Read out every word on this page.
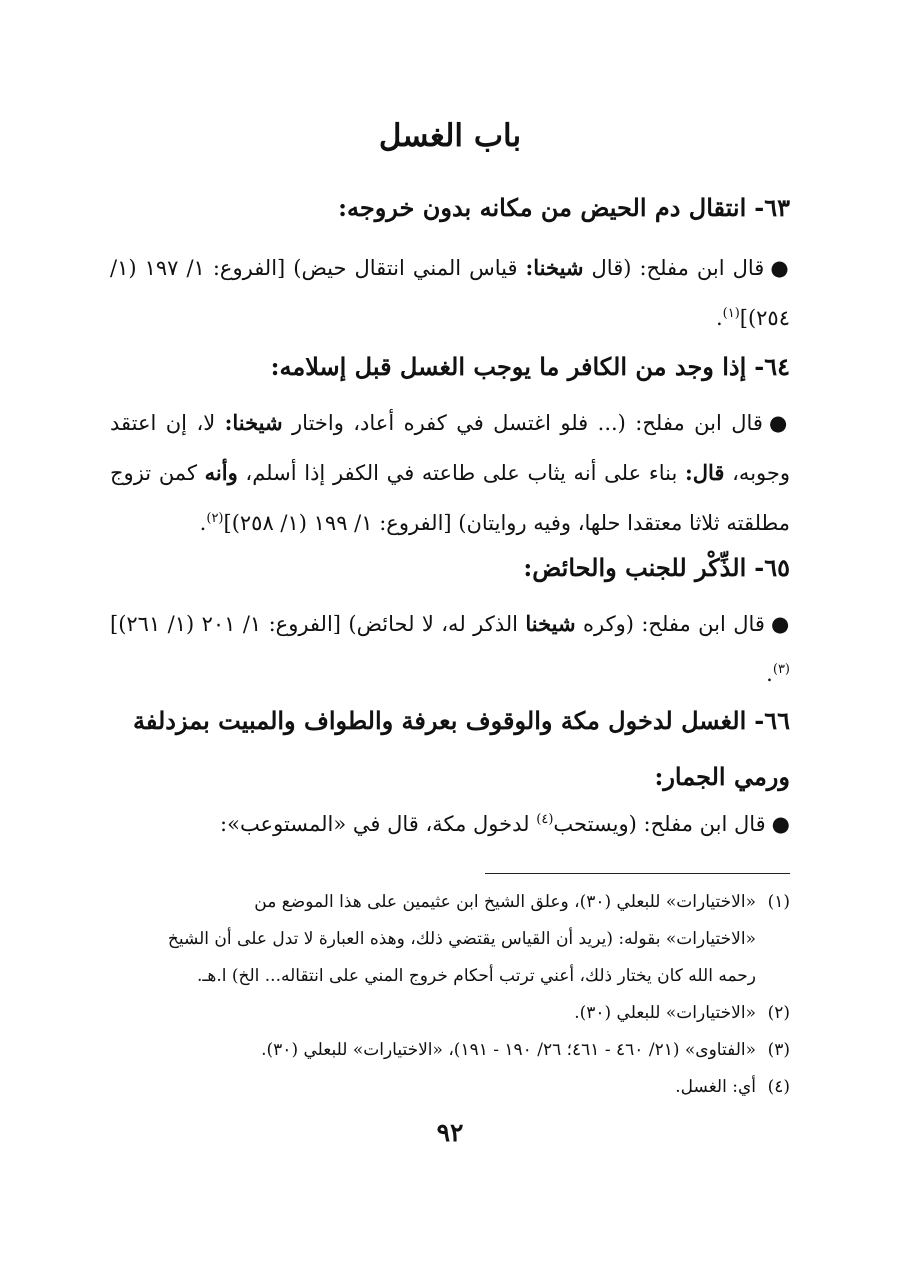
باب الغسل
٦٣-انتقال دم الحيض من مكانه بدون خروجه:

●قال ابن مفلح: (قال شيخنا: قياس المني انتقال حيض) [الفروع: ١/ ١٩٧ (١/ ٢٥٤)]$^{(١)}$.

٦٤-إذا وجد من الكافر ما يوجب الغسل قبل إسلامه:

●قال ابن مفلح: (... فلو اغتسل في كفره أعاد، واختار شيخنا: لا، إن اعتقد وجوبه، قال: بناء على أنه يثاب على طاعته في الكفر إذا أسلم، وأنه كمن تزوج مطلقته ثلاثا معتقدا حلها، وفيه روايتان) [الفروع: ١/ ١٩٩ (١/ ٢٥٨)]$^{(٢)}$.

٦٥-الذِّكْر للجنب والحائض:

●قال ابن مفلح: (وكره شيخنا الذكر له، لا لحائض) [الفروع: ١/ ٢٠١ (١/ ٢٦١)]$^{(٣)}$.

٦٦-الغسل لدخول مكة والوقوف بعرفة والطواف والمبيت بمزدلفة ورمي الجمار:

●قال ابن مفلح: (ويستحب$^{(٤)}$ لدخول مكة، قال في «المستوعب»:

(١)«الاختيارات» للبعلي (٣٠)، وعلق الشيخ ابن عثيمين على هذا الموضع من

«الاختيارات» بقوله: (يريد أن القياس يقتضي ذلك، وهذه العبارة لا تدل على أن الشيخ

رحمه الله كان يختار ذلك، أعني ترتب أحكام خروج المني على انتقاله... الخ) ا.هـ.

(٢)«الاختيارات» للبعلي (٣٠).

(٣)«الفتاوى» (٢١/ ٤٦٠ - ٤٦١؛ ٢٦/ ١٩٠ - ١٩١)، «الاختيارات» للبعلي (٣٠).

(٤)أي: الغسل.

٩٢
